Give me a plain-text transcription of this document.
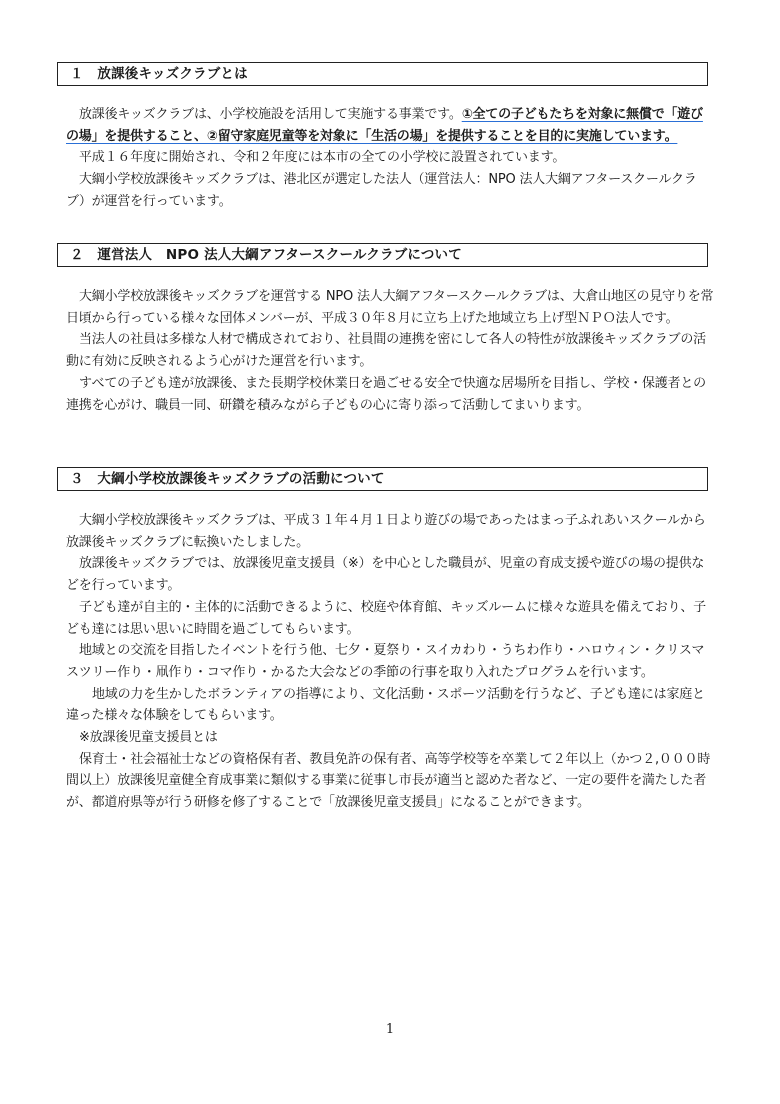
１　放課後キッズクラブとは

放課後キッズクラブは、小学校施設を活用して実施する事業です。①全ての子どもたちを対象に無償で「遊びの場」を提供すること、②留守家庭児童等を対象に「生活の場」を提供することを目的に実施しています。

平成１６年度に開始され、令和２年度には本市の全ての小学校に設置されています。

大綱小学校放課後キッズクラブは、港北区が選定した法人（運営法人：NPO 法人大綱アフタースクールクラブ）が運営を行っています。

２　運営法人　NPO 法人大綱アフタースクールクラブについて

大綱小学校放課後キッズクラブを運営する NPO 法人大綱アフタースクールクラブは、大倉山地区の見守りを常日頃から行っている様々な団体メンバーが、平成３０年８月に立ち上げた地域立ち上げ型ＮＰＯ法人です。

当法人の社員は多様な人材で構成されており、社員間の連携を密にして各人の特性が放課後キッズクラブの活動に有効に反映されるよう心がけた運営を行います。

すべての子ども達が放課後、また長期学校休業日を過ごせる安全で快適な居場所を目指し、学校・保護者との連携を心がけ、職員一同、研鑽を積みながら子どもの心に寄り添って活動してまいります。

３　大綱小学校放課後キッズクラブの活動について

大綱小学校放課後キッズクラブは、平成３１年４月１日より遊びの場であったはまっ子ふれあいスクールから放課後キッズクラブに転換いたしました。

放課後キッズクラブでは、放課後児童支援員（※）を中心とした職員が、児童の育成支援や遊びの場の提供などを行っています。

子ども達が自主的・主体的に活動できるように、校庭や体育館、キッズルームに様々な遊具を備えており、子ども達には思い思いに時間を過ごしてもらいます。

地域との交流を目指したイベントを行う他、七夕・夏祭り・スイカわり・うちわ作り・ハロウィン・クリスマスツリー作り・凧作り・コマ作り・かるた大会などの季節の行事を取り入れたプログラムを行います。

地域の力を生かしたボランティアの指導により、文化活動・スポーツ活動を行うなど、子ども達には家庭と違った様々な体験をしてもらいます。

※放課後児童支援員とは

保育士・社会福祉士などの資格保有者、教員免許の保有者、高等学校等を卒業して２年以上（かつ２,０００時間以上）放課後児童健全育成事業に類似する事業に従事し市長が適当と認めた者など、一定の要件を満たした者が、都道府県等が行う研修を修了することで「放課後児童支援員」になることができます。

1
